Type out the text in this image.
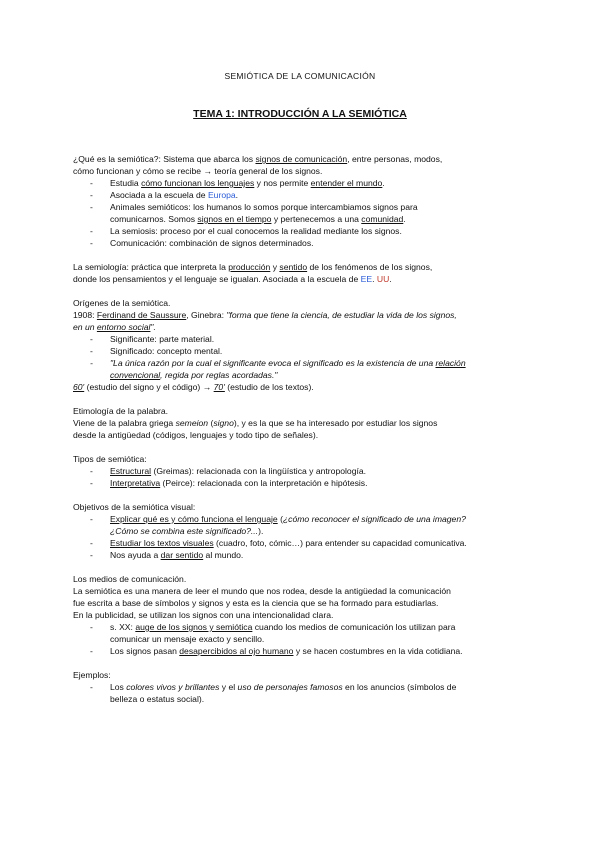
SEMIÓTICA DE LA COMUNICACIÓN
TEMA 1: INTRODUCCIÓN A LA SEMIÓTICA

¿Qué es la semiótica?: Sistema que abarca los signos de comunicación, entre personas, modos,

cómo funcionan y cómo se recibe → teoría general de los signos.

- Estudia cómo funcionan los lenguajes y nos permite entender el mundo.
- Asociada a la escuela de Europa.
- Animales semióticos: los humanos lo somos porque intercambiamos signos para
comunicarnos. Somos signos en el tiempo y pertenecemos a una comunidad.
- La semiosis: proceso por el cual conocemos la realidad mediante los signos.
- Comunicación: combinación de signos determinados.

La semiología: práctica que interpreta la producción y sentido de los fenómenos de los signos,

donde los pensamientos y el lenguaje se igualan. Asociada a la escuela de EE. UU.

Orígenes de la semiótica.

1908: Ferdinand de Saussure, Ginebra: "forma que tiene la ciencia, de estudiar la vida de los signos,

en un entorno social".

- Significante: parte material.
- Significado: concepto mental.
- "La única razón por la cual el significante evoca el significado es la existencia de una relación
convencional, regida por reglas acordadas."

60' (estudio del signo y el código) → 70' (estudio de los textos).

Etimología de la palabra.

Viene de la palabra griega semeion (signo), y es la que se ha interesado por estudiar los signos

desde la antigüedad (códigos, lenguajes y todo tipo de señales).

Tipos de semiótica:

- Estructural (Greimas): relacionada con la lingüística y antropología.
- Interpretativa (Peirce): relacionada con la interpretación e hipótesis.

Objetivos de la semiótica visual:

- Explicar qué es y cómo funciona el lenguaje (¿cómo reconocer el significado de una imagen?
¿Cómo se combina este significado?...).
- Estudiar los textos visuales (cuadro, foto, cómic…) para entender su capacidad comunicativa.
- Nos ayuda a dar sentido al mundo.

Los medios de comunicación.

La semiótica es una manera de leer el mundo que nos rodea, desde la antigüedad la comunicación

fue escrita a base de símbolos y signos y esta es la ciencia que se ha formado para estudiarlas.

En la publicidad, se utilizan los signos con una intencionalidad clara.

- s. XX: auge de los signos y semiótica cuando los medios de comunicación los utilizan para
comunicar un mensaje exacto y sencillo.
- Los signos pasan desapercibidos al ojo humano y se hacen costumbres en la vida cotidiana.

Ejemplos:

- Los colores vivos y brillantes y el uso de personajes famosos en los anuncios (símbolos de
belleza o estatus social).
